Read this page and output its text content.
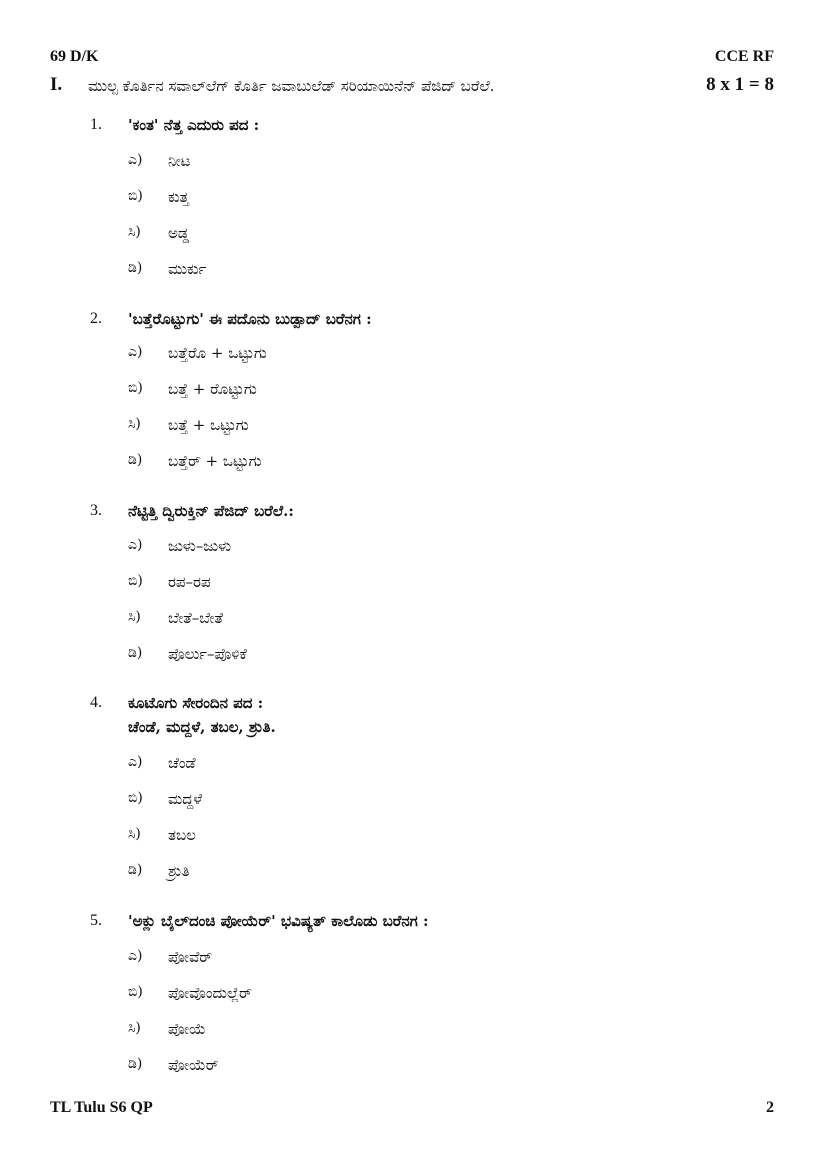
69 D/K	CCE RF
I. ಮುಲ್ಪ ಕೊರ್ತಿನ ಸವಾಲ್‌ಲೆಗ್ ಕೊರ್ತಿ ಜವಾಬುಲೆಡ್ ಸರಿಯಾಯಿನೆನ್ ಪೆಜಿದ್ ಬರೆಲೆ.	8 x 1 = 8
1. 'ಕಂತ' ನೆತ್ತ ಎದುರು ಪದ :
ಎ) ನೀಟ
ಬಿ) ಕುತ್ತ
ಸಿ) ಅಡ್ಡ
ಡಿ) ಮುರ್ಕು
2. 'ಬತ್ತೆರೊಟ್ಟುಗು' ಈ ಪದೊನು ಬುಡ್ಪಾದ್ ಬರೆನಗ :
ಎ) ಬತ್ತೆರೊ + ಒಟ್ಟುಗು
ಬಿ) ಬತ್ತೆ + ರೊಟ್ಟುಗು
ಸಿ) ಬತ್ತೆ + ಒಟ್ಟುಗು
ಡಿ) ಬತ್ತೆರ್ + ಒಟ್ಟುಗು
3. ನೆಟ್ಟಿತ್ತಿ ದ್ವಿರುಕ್ತಿನ್ ಪೆಜಿದ್ ಬರೆಲೆ.:
ಎ) ಜುಳು–ಜುಳು
ಬಿ) ರಪ–ರಪ
ಸಿ) ಬೇತೆ–ಬೇತೆ
ಡಿ) ಪೊರ್ಲು–ಪೊಳಿಕೆ
4. ಕೂಟೊಗು ಸೇರಂದಿನ ಪದ :
ಚೆಂಡೆ, ಮದ್ದಳೆ, ತಬಲ, ಶ್ರುತಿ.
ಎ) ಚೆಂಡೆ
ಬಿ) ಮದ್ದಳೆ
ಸಿ) ತಬಲ
ಡಿ) ಶ್ರುತಿ
5. 'ಅಕ್ಲು ಬೈಲ್‌ದಂಚಿ ಪೋಯೆರ್' ಭವಿಷ್ಯತ್ ಕಾಲೊಡು ಬರೆನಗ :
ಎ) ಪೋವೆರ್
ಬಿ) ಪೋವೊಂದುಲ್ಲೆರ್
ಸಿ) ಪೋಯೆ
ಡಿ) ಪೋಯೆರ್
TL Tulu S6 QP	2
